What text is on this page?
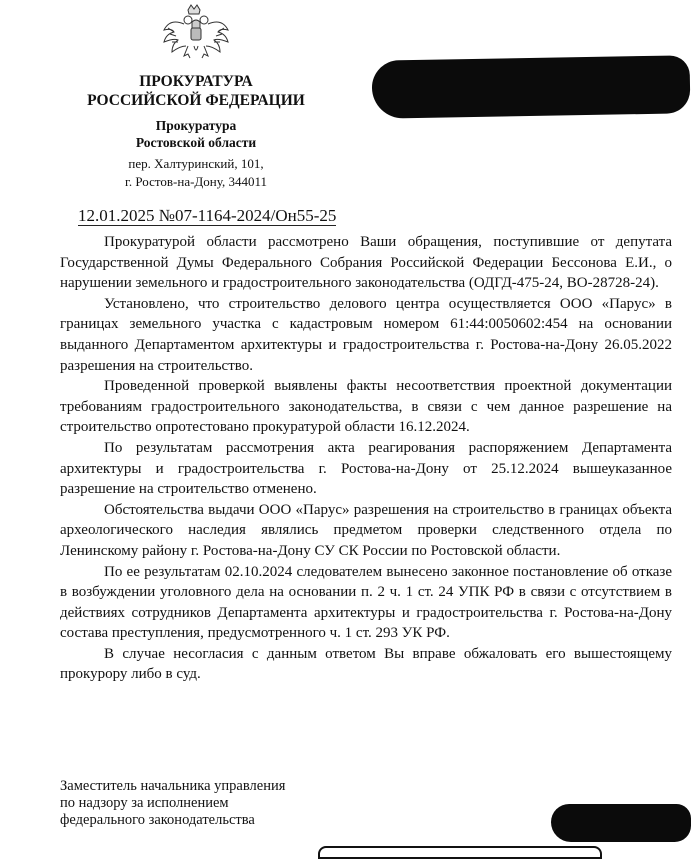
ПРОКУРАТУРА
РОССИЙСКОЙ ФЕДЕРАЦИИ
Прокуратура
Ростовской области
пер. Халтуринский, 101,
г. Ростов-на-Дону, 344011
12.01.2025 №07-1164-2024/Он55-25

Прокуратурой области рассмотрено Ваши обращения, поступившие от депутата Государственной Думы Федерального Собрания Российской Федерации Бессонова Е.И., о нарушении земельного и градостроительного законодательства (ОДГД-475-24, ВО-28728-24).

Установлено, что строительство делового центра осуществляется ООО «Парус» в границах земельного участка с кадастровым номером 61:44:0050602:454 на основании выданного Департаментом архитектуры и градостроительства г. Ростова-на-Дону 26.05.2022 разрешения на строительство.

Проведенной проверкой выявлены факты несоответствия проектной документации требованиям градостроительного законодательства, в связи с чем данное разрешение на строительство опротестовано прокуратурой области 16.12.2024.

По результатам рассмотрения акта реагирования распоряжением Департамента архитектуры и градостроительства г. Ростова-на-Дону от 25.12.2024 вышеуказанное разрешение на строительство отменено.

Обстоятельства выдачи ООО «Парус» разрешения на строительство в границах объекта археологического наследия являлись предметом проверки следственного отдела по Ленинскому району г. Ростова-на-Дону СУ СК России по Ростовской области.

По ее результатам 02.10.2024 следователем вынесено законное постановление об отказе в возбуждении уголовного дела на основании п. 2 ч. 1 ст. 24 УПК РФ в связи с отсутствием в действиях сотрудников Департамента архитектуры и градостроительства г. Ростова-на-Дону состава преступления, предусмотренного ч. 1 ст. 293 УК РФ.

В случае несогласия с данным ответом Вы вправе обжаловать его вышестоящему прокурору либо в суд.

Заместитель начальника управления
по надзору за исполнением
федерального законодательства
